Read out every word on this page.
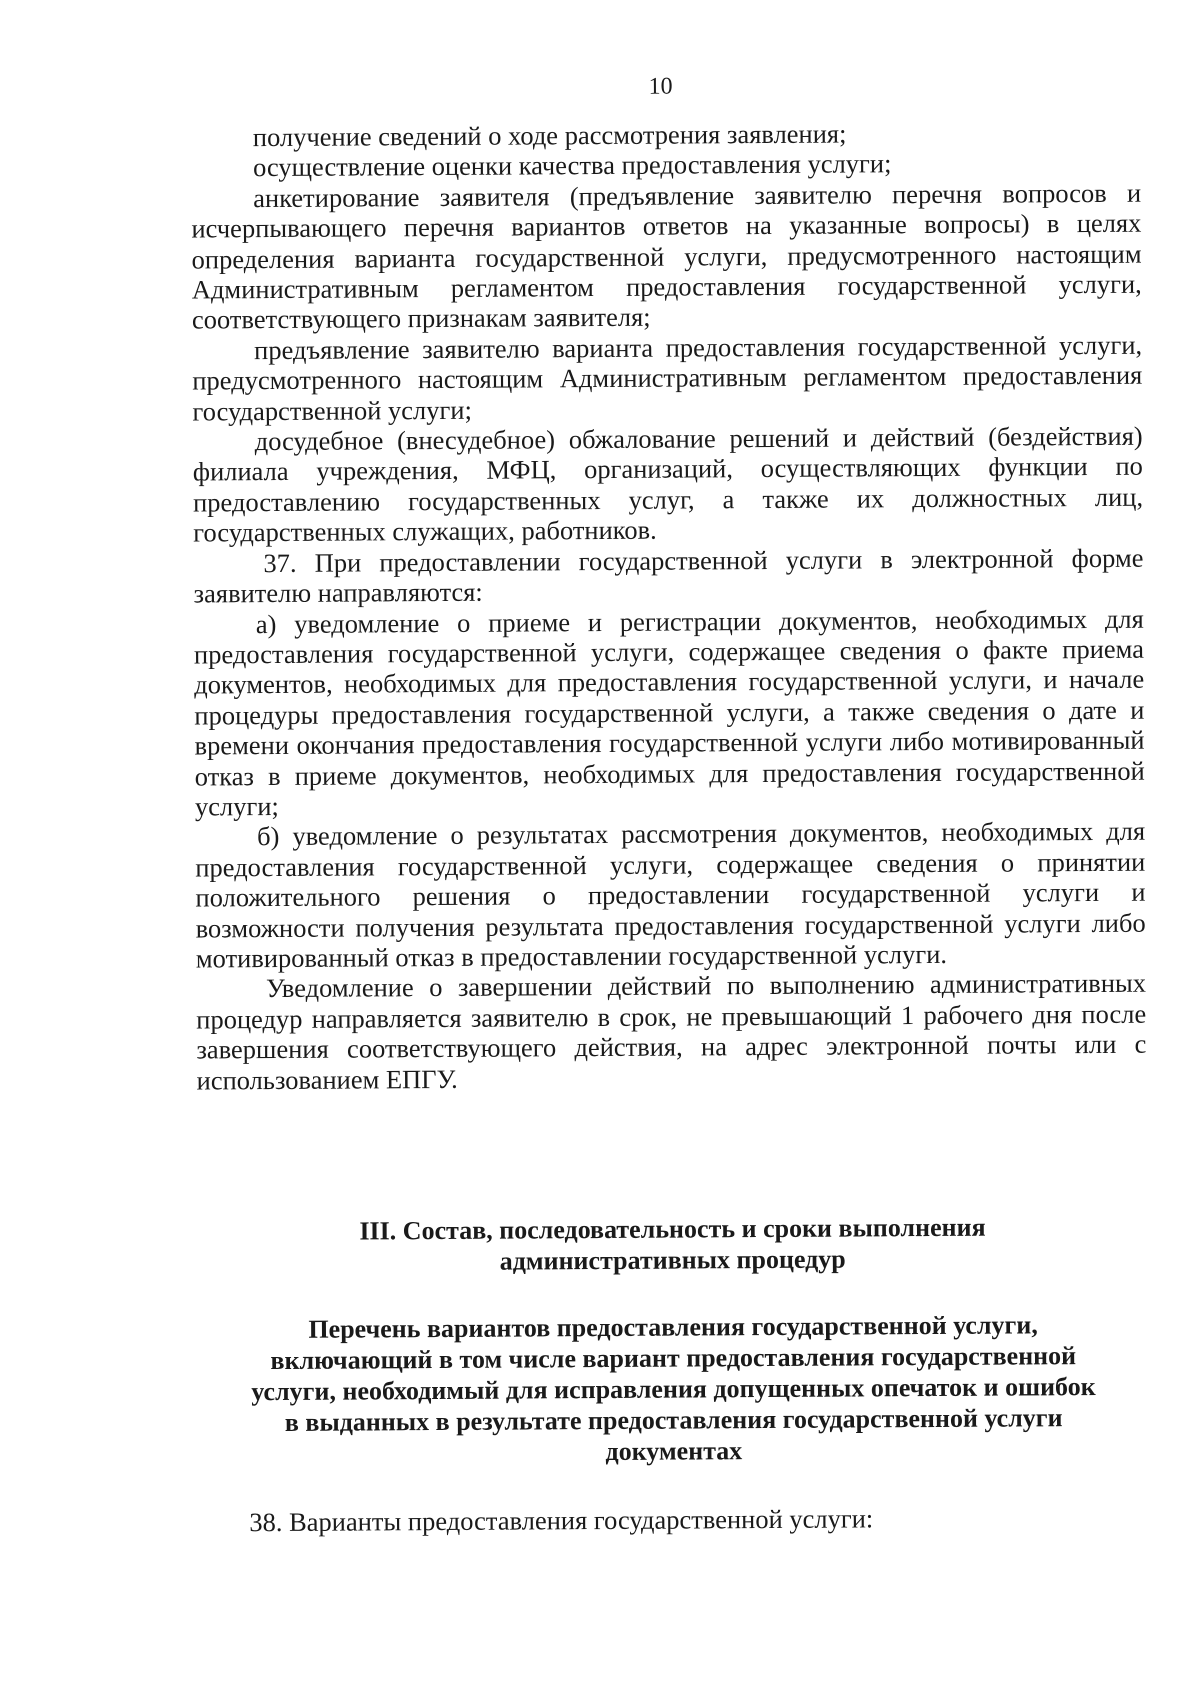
10

получение сведений о ходе рассмотрения заявления;

осуществление оценки качества предоставления услуги;

анкетирование заявителя (предъявление заявителю перечня вопросов и исчерпывающего перечня вариантов ответов на указанные вопросы) в целях определения варианта государственной услуги, предусмотренного настоящим Административным регламентом предоставления государственной услуги, соответствующего признакам заявителя;

предъявление заявителю варианта предоставления государственной услуги, предусмотренного настоящим Административным регламентом предоставления государственной услуги;

досудебное (внесудебное) обжалование решений и действий (бездействия) филиала учреждения, МФЦ, организаций, осуществляющих функции по предоставлению государственных услуг, а также их должностных лиц, государственных служащих, работников.

37. При предоставлении государственной услуги в электронной форме заявителю направляются:

а) уведомление о приеме и регистрации документов, необходимых для предоставления государственной услуги, содержащее сведения о факте приема документов, необходимых для предоставления государственной услуги, и начале процедуры предоставления государственной услуги, а также сведения о дате и времени окончания предоставления государственной услуги либо мотивированный отказ в приеме документов, необходимых для предоставления государственной услуги;

б) уведомление о результатах рассмотрения документов, необходимых для предоставления государственной услуги, содержащее сведения о принятии положительного решения о предоставлении государственной услуги и возможности получения результата предоставления государственной услуги либо мотивированный отказ в предоставлении государственной услуги.

Уведомление о завершении действий по выполнению административных процедур направляется заявителю в срок, не превышающий 1 рабочего дня после завершения соответствующего действия, на адрес электронной почты или с использованием ЕПГУ.

III. Состав, последовательность и сроки выполнения
административных процедур
Перечень вариантов предоставления государственной услуги,
включающий в том числе вариант предоставления государственной
услуги, необходимый для исправления допущенных опечаток и ошибок
в выданных в результате предоставления государственной услуги
документах
38. Варианты предоставления государственной услуги:
